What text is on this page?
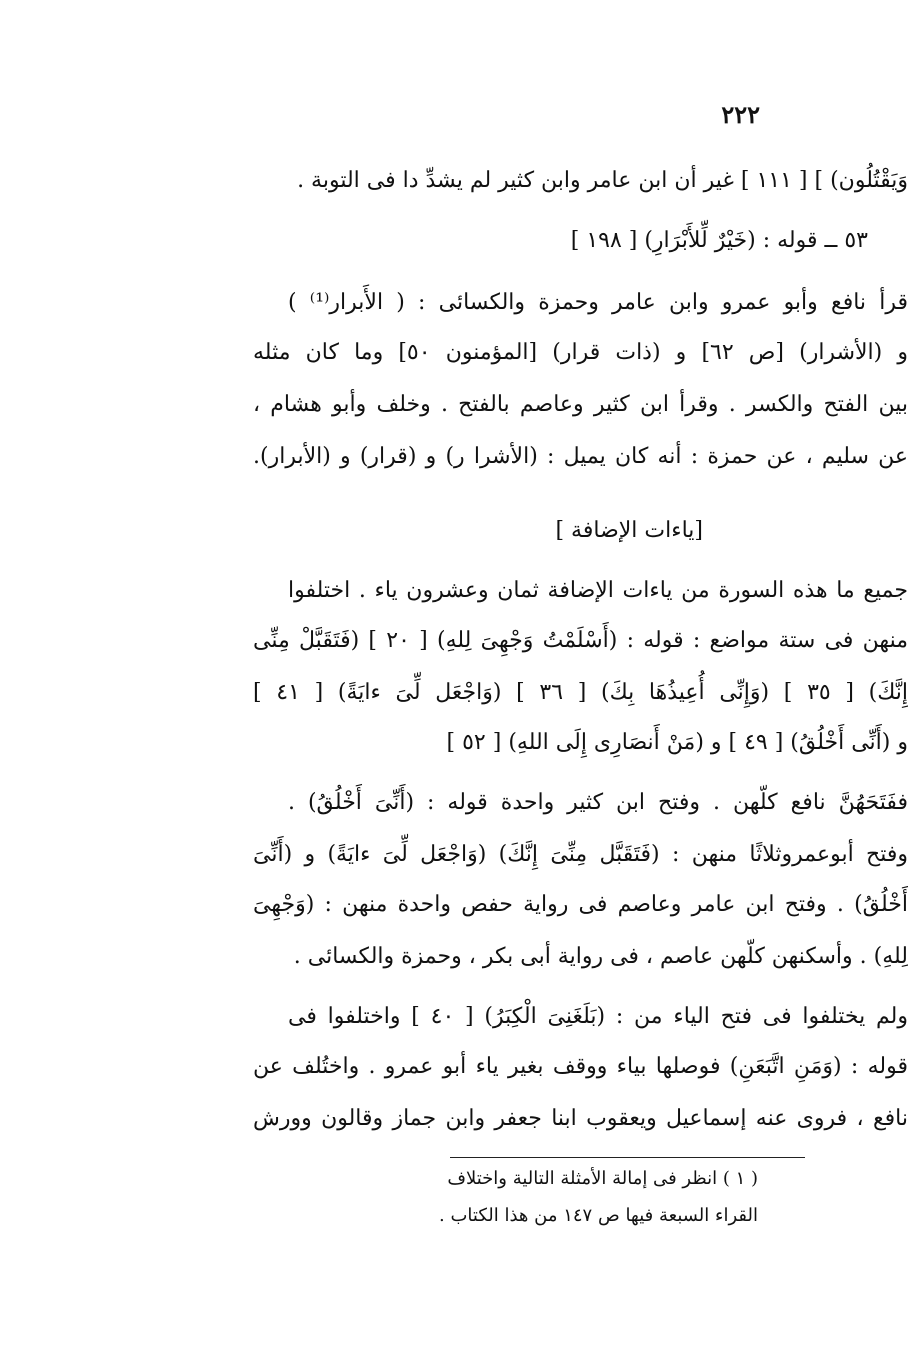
٢٢٢
وَيَقْتُلُون) ] [ ١١١ ] غير أن ابن عامر وابن كثير لم يشدِّ دا فى التوبة .
٥٣ ــ قوله : (خَيْرٌ لِّلأَبْرَارِ) [ ١٩٨ ]
قرأ نافع وأبو عمرو وابن عامر وحمزة والكسائى : ( الأَبرار⁽¹⁾ )
و (الأشرار) [ص ٦٢] و (ذات قرار) [المؤمنون ٥٠] وما كان مثله
بين الفتح والكسر . وقرأ ابن كثير وعاصم بالفتح . وخلف وأبو هشام ،
عن سليم ، عن حمزة : أنه كان يميل : (الأشرا ر) و (قرار) و (الأبرار).
[ياءات الإضافة ]
جميع ما هذه السورة من ياءات الإضافة ثمان وعشرون ياء . اختلفوا
منهن فى ستة مواضع : قوله : (أَسْلَمْتُ وَجْهِىَ لِلهِ) [ ٢٠ ] (فَتَقَبَّلْ مِنِّى
إِنَّكَ) [ ٣٥ ] (وَإِنِّى أُعِيذُهَا بِكَ) [ ٣٦ ] (وَاجْعَل لِّىَ ءايَةً) [ ٤١ ]
و (أَنِّى أَخْلُقُ) [ ٤٩ ] و (مَنْ أَنصَارِى إِلَى اللهِ) [ ٥٢ ]
ففَتَحَهُنَّ نافع كلّهن . وفتح ابن كثير واحدة قوله : (أَنِّىَ أَخْلُقُ) .
وفتح أبوعمروثلاثًا منهن : (فَتَقَبَّل مِنِّىَ إِنَّكَ) (وَاجْعَل لِّىَ ءايَةً) و (أَنِّىَ
أَخْلُقُ) . وفتح ابن عامر وعاصم فى رواية حفص واحدة منهن : (وَجْهِىَ
لِلهِ) . وأسكنهن كلّهن عاصم ، فى رواية أبى بكر ، وحمزة والكسائى .
ولم يختلفوا فى فتح الياء من : (بَلَغَنِىَ الْكِبَرُ) [ ٤٠ ] واختلفوا فى
قوله : (وَمَنِ اتَّبَعَنِ) فوصلها بياء ووقف بغير ياء أبو عمرو . واختُلف عن
نافع ، فروى عنه إسماعيل ويعقوب ابنا جعفر وابن جماز وقالون وورش
( ١ ) انظر فى إمالة الأمثلة التالية واختلاف
القراء السبعة فيها ص ١٤٧ من هذا الكتاب .
